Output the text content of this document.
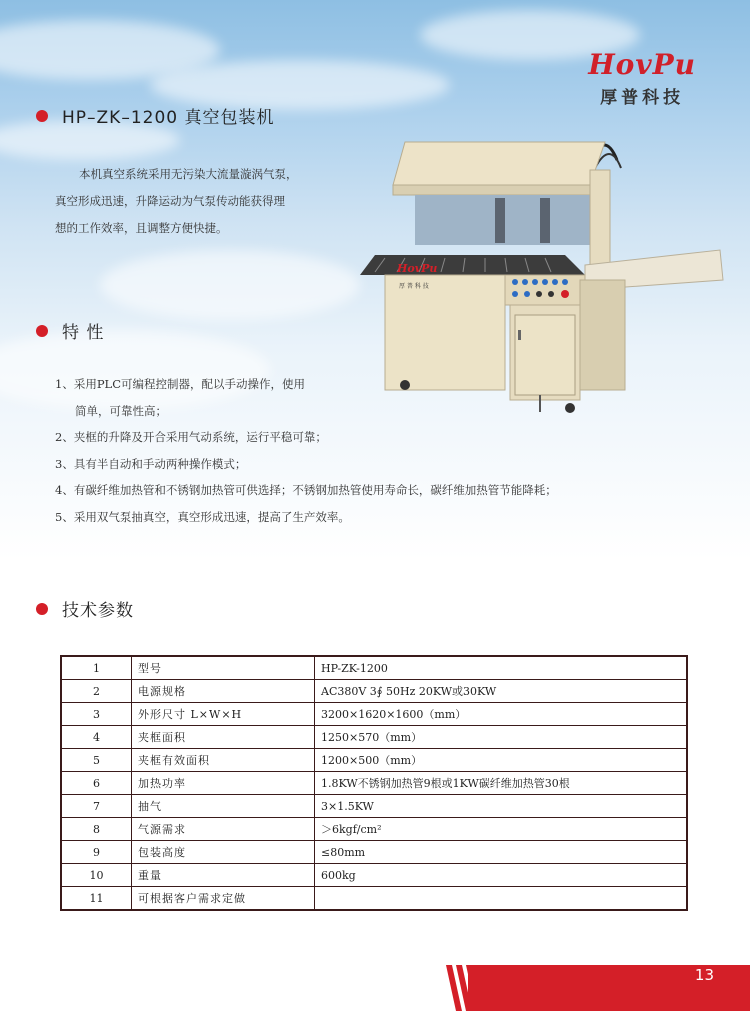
HovPu
厚普科技
HP–ZK–1200 真空包装机

本机真空系统采用无污染大流量漩涡气泵，

真空形成迅速，升降运动为气泵传动能获得理

想的工作效率，且调整方便快捷。

特 性
1、采用PLC可编程控制器，配以手动操作，使用
简单，可靠性高；
2、夹框的升降及开合采用气动系统，运行平稳可靠；
3、具有半自动和手动两种操作模式；
4、有碳纤维加热管和不锈钢加热管可供选择；不锈钢加热管使用寿命长，碳纤维加热管节能降耗；
5、采用双气泵抽真空，真空形成迅速，提高了生产效率。
HovPu
厚 普 科 技
技术参数
1	型号	HP-ZK-1200
2	电源规格	AC380V 3∮ 50Hz 20KW或30KW
3	外形尺寸 L×W×H	3200×1620×1600（mm）
4	夹框面积	1250×570（mm）
5	夹框有效面积	1200×500（mm）
6	加热功率	1.8KW不锈钢加热管9根或1KW碳纤维加热管30根
7	抽气	3×1.5KW
8	气源需求	＞6kgf/cm²
9	包装高度	≤80mm
10	重量	600kg
11	可根据客户需求定做	
13
